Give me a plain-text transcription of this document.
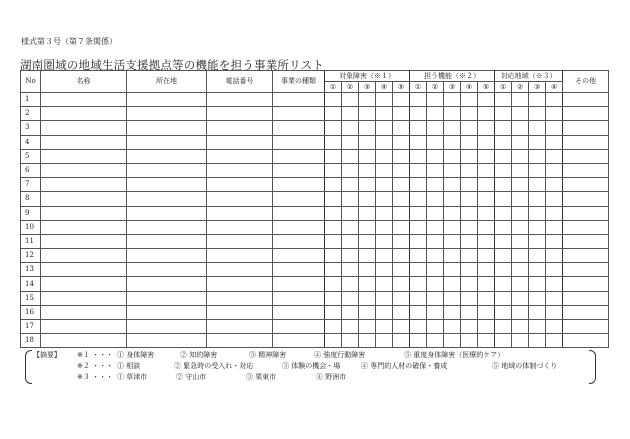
様式第３号（第７条関係）
湖南圏域の地域生活支援拠点等の機能を担う事業所リスト
No	名称	所在地	電話番号	事業の種類	対象障害（※１）					担う機能（※２）					対応地域（※３）				その他
					①	②	③	④	⑤	①	②	③	④	⑤	①	②	③	④	
1																			
2																			
3																			
4																			
5																			
6																			
7																			
8																			
9																			
10																			
11																			
12																			
13																			
14																			
15																			
16																			
17																			
18																			
【摘要】 ※１ ・・・ ① 身体障害	② 知的障害	③ 精神障害	④ 強度行動障害	⑤ 重度身体障害（医療的ケア）
※２ ・・・ ① 相談	② 緊急時の受入れ・対応	③ 体験の機会・場	④ 専門的人材の確保・養成	⑤ 地域の体制づくり
※３ ・・・ ① 草津市	② 守山市	③ 栗東市	④ 野洲市
